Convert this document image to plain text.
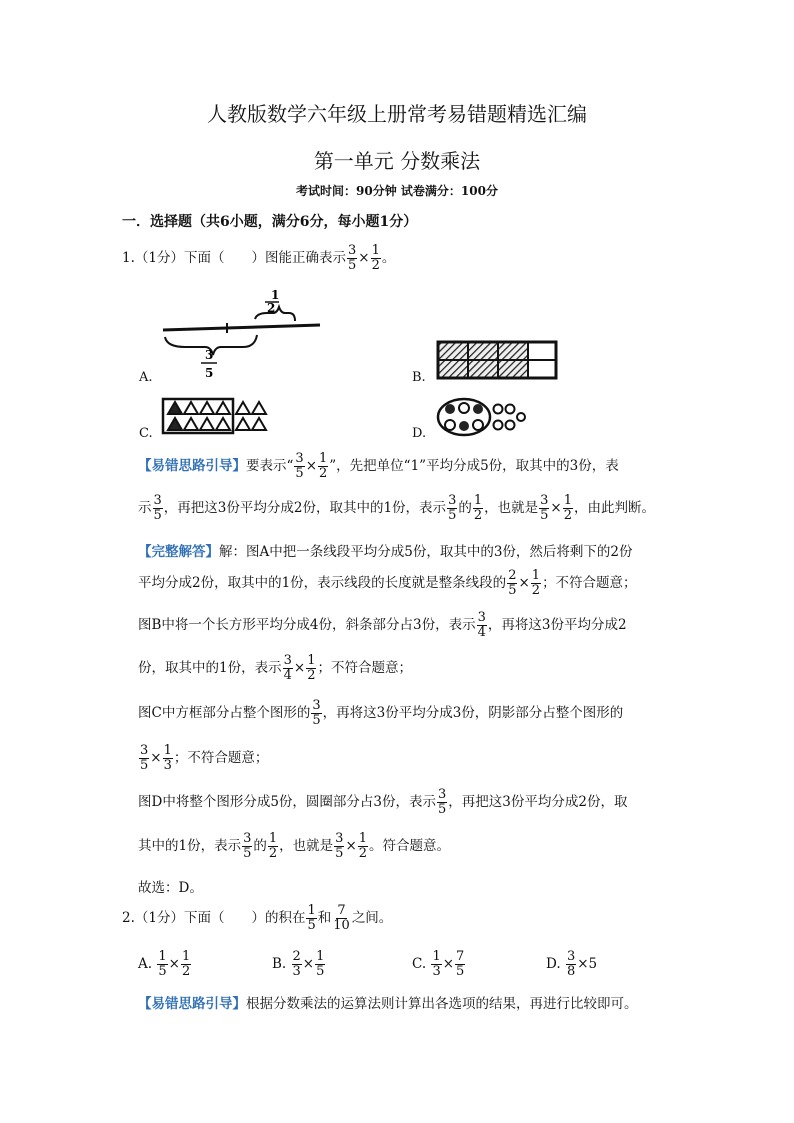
人教版数学六年级上册常考易错题精选汇编
第一单元 分数乘法
考试时间：90分钟 试卷满分：100分
一．选择题（共6小题，满分6分，每小题1分）
1.（1分）下面（　　）图能正确表示 $\frac{3}{5} \times \frac{1}{2}$ 。
1
2
3
5
A.	B.
C.	D.
【易错思路引导】要表示“ $\frac{3}{5} \times \frac{1}{2}$ ”，先把单位“1”平均分成5份，取其中的3份，表
示 $\frac{3}{5}$ ，再把这3份平均分成2份，取其中的1份，表示 $\frac{3}{5}$ 的 $\frac{1}{2}$ ，也就是 $\frac{3}{5} \times \frac{1}{2}$ ，由此判断。
【完整解答】解：图A中把一条线段平均分成5份，取其中的3份，然后将剩下的2份
平均分成2份，取其中的1份，表示线段的长度就是整条线段的 $\frac{2}{5} \times \frac{1}{2}$ ；不符合题意；
图B中将一个长方形平均分成4份，斜条部分占3份，表示 $\frac{3}{4}$ ，再将这3份平均分成2
份，取其中的1份，表示 $\frac{3}{4} \times \frac{1}{2}$ ；不符合题意；
图C中方框部分占整个图形的 $\frac{3}{5}$ ，再将这3份平均分成3份，阴影部分占整个图形的
$\frac{3}{5} \times \frac{1}{3}$ ；不符合题意；
图D中将整个图形分成5份，圆圈部分占3份，表示 $\frac{3}{5}$ ，再把这3份平均分成2份，取
其中的1份，表示 $\frac{3}{5}$ 的 $\frac{1}{2}$ ，也就是 $\frac{3}{5} \times \frac{1}{2}$ 。符合题意。
故选：D。
2.（1分）下面（　　）的积在 $\frac{1}{5}$ 和 $\frac{7}{10}$ 之间。
A. $\frac{1}{5} \times \frac{1}{2}$	B. $\frac{2}{3} \times \frac{1}{5}$	C. $\frac{1}{3} \times \frac{7}{5}$	D. $\frac{3}{8} \times 5$
【易错思路引导】根据分数乘法的运算法则计算出各选项的结果，再进行比较即可。
